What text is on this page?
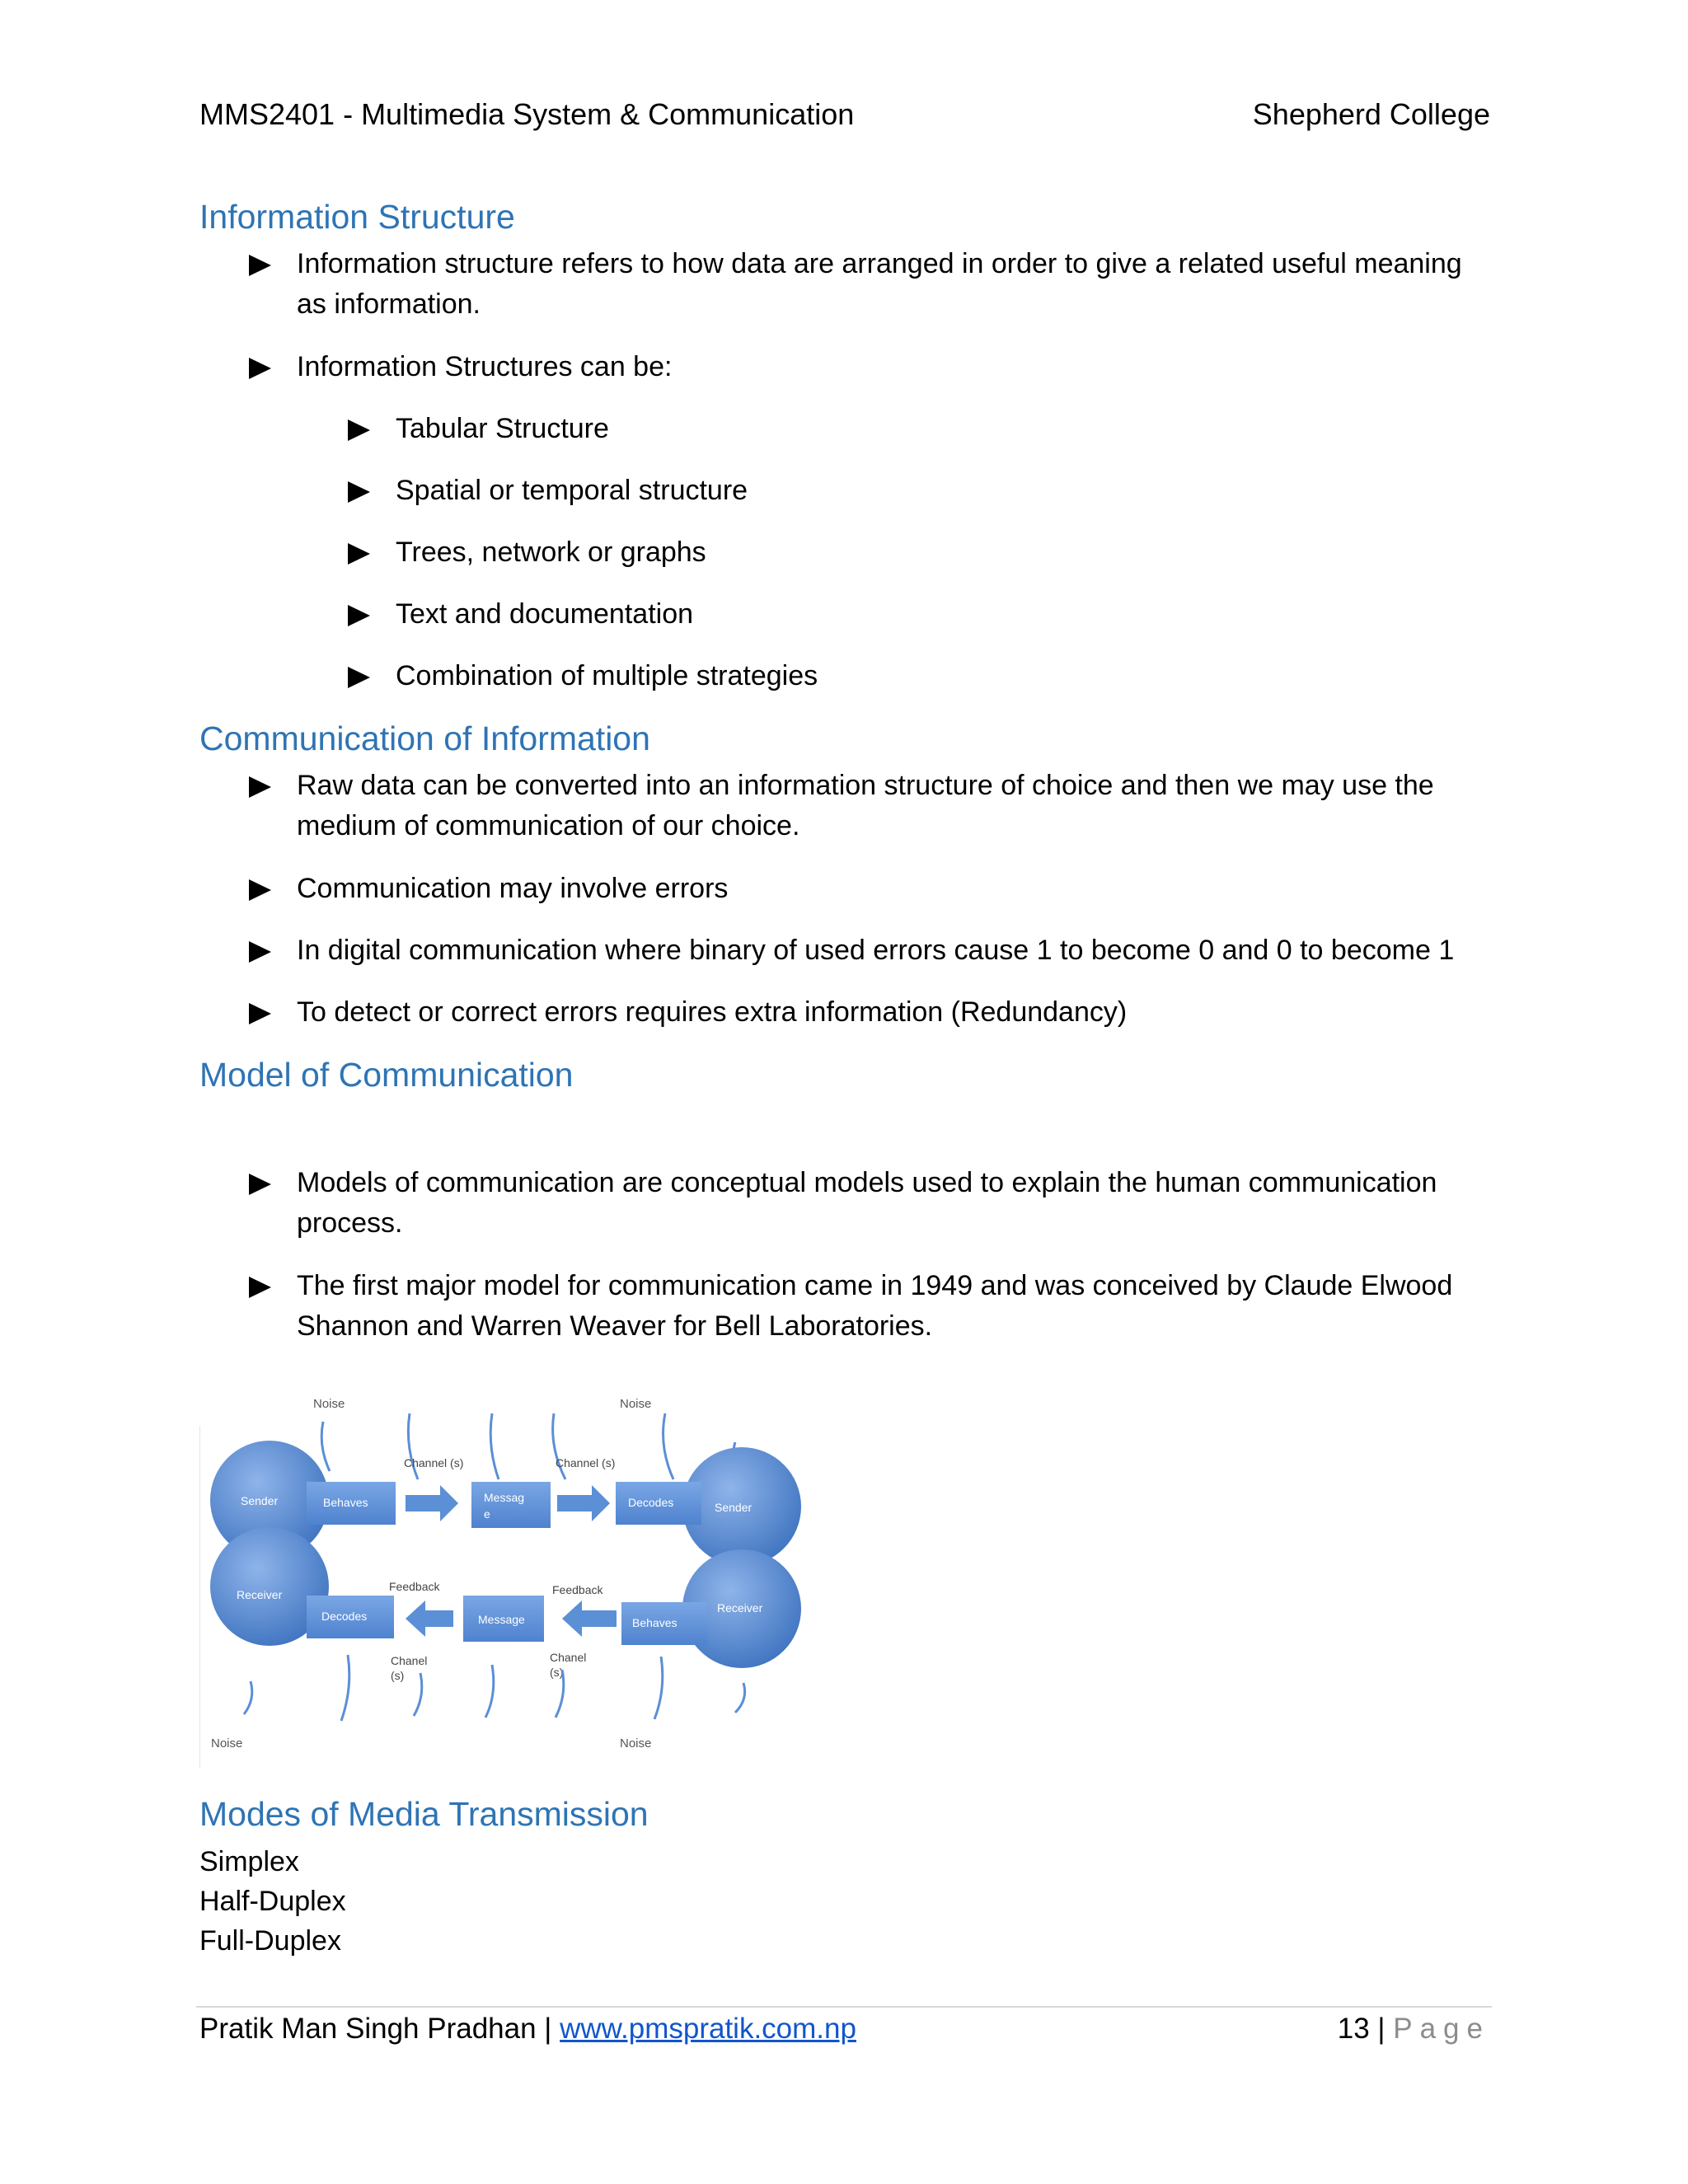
MMS2401 - Multimedia System & Communication	Shepherd College
Information Structure
Information structure refers to how data are arranged in order to give a related useful meaning as information.
Information Structures can be:
Tabular Structure
Spatial or temporal structure
Trees, network or graphs
Text and documentation
Combination of multiple strategies
Communication of Information
Raw data can be converted into an information structure of choice and then we may use the medium of communication of our choice.
Communication may involve errors
In digital communication where binary of used errors cause 1 to become 0 and 0 to become 1
To detect or correct errors requires extra information (Redundancy)
Model of Communication
Models of communication are conceptual models used to explain the human communication process.
The first major model for communication came in 1949 and was conceived by Claude Elwood Shannon and Warren Weaver for Bell Laboratories.
Noise	Noise
Sender	Behaves
Channel (s)
Messag
e
Channel (s)
Decodes	Sender
Receiver
Decodes
Feedback
Message
Feedback
Behaves
Receiver
Chanel
(s)
Chanel
(s)
Noise	Noise
Modes of Media Transmission
Simplex
Half-Duplex
Full-Duplex
Pratik Man Singh Pradhan | www.pmspratik.com.np	13 | Page
